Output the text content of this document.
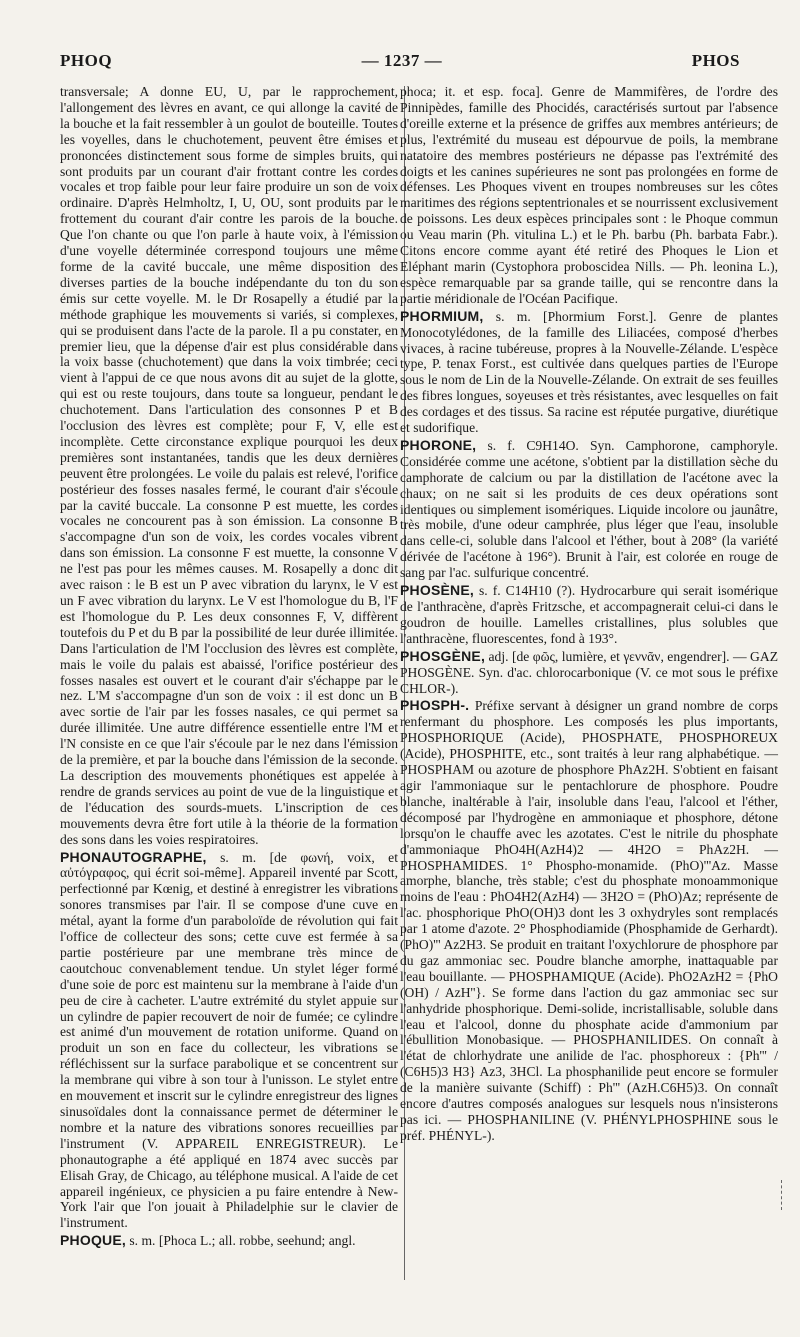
PHOQ	— 1237 —	PHOS

transversale; A donne EU, U, par le rapprochement, l'allongement des lèvres en avant, ce qui allonge la cavité de la bouche et la fait ressembler à un goulot de bouteille. Toutes les voyelles, dans le chuchotement, peuvent être émises et prononcées distinctement sous forme de simples bruits, qui sont produits par un courant d'air frottant contre les cordes vocales et trop faible pour leur faire produire un son de voix ordinaire. D'après Helmholtz, I, U, OU, sont produits par le frottement du courant d'air contre les parois de la bouche. Que l'on chante ou que l'on parle à haute voix, à l'émission d'une voyelle déterminée correspond toujours une même forme de la cavité buccale, une même disposition des diverses parties de la bouche indépendante du ton du son émis sur cette voyelle. M. le Dr Rosapelly a étudié par la méthode graphique les mouvements si variés, si complexes, qui se produisent dans l'acte de la parole. Il a pu constater, en premier lieu, que la dépense d'air est plus considérable dans la voix basse (chuchotement) que dans la voix timbrée; ceci vient à l'appui de ce que nous avons dit au sujet de la glotte, qui est ou reste toujours, dans toute sa longueur, pendant le chuchotement. Dans l'articulation des consonnes P et B l'occlusion des lèvres est complète; pour F, V, elle est incomplète. Cette circonstance explique pourquoi les deux premières sont instantanées, tandis que les deux dernières peuvent être prolongées. Le voile du palais est relevé, l'orifice postérieur des fosses nasales fermé, le courant d'air s'écoule par la cavité buccale. La consonne P est muette, les cordes vocales ne concourent pas à son émission. La consonne B s'accompagne d'un son de voix, les cordes vocales vibrent dans son émission. La consonne F est muette, la consonne V ne l'est pas pour les mêmes causes. M. Rosapelly a donc dit avec raison : le B est un P avec vibration du larynx, le V est un F avec vibration du larynx. Le V est l'homologue du B, l'F est l'homologue du P. Les deux consonnes F, V, diffèrent toutefois du P et du B par la possibilité de leur durée illimitée. Dans l'articulation de l'M l'occlusion des lèvres est complète, mais le voile du palais est abaissé, l'orifice postérieur des fosses nasales est ouvert et le courant d'air s'échappe par le nez. L'M s'accompagne d'un son de voix : il est donc un B avec sortie de l'air par les fosses nasales, ce qui permet sa durée illimitée. Une autre différence essentielle entre l'M et l'N consiste en ce que l'air s'écoule par le nez dans l'émission de la première, et par la bouche dans l'émission de la seconde. La description des mouvements phonétiques est appelée à rendre de grands services au point de vue de la linguistique et de l'éducation des sourds-muets. L'inscription de ces mouvements devra être fort utile à la théorie de la formation des sons dans les voies respiratoires.

PHONAUTOGRAPHE, s. m. [de φωνή, voix, et αὐτόγραφος, qui écrit soi-même]. Appareil inventé par Scott, perfectionné par Kœnig, et destiné à enregistrer les vibrations sonores transmises par l'air. Il se compose d'une cuve en métal, ayant la forme d'un paraboloïde de révolution qui fait l'office de collecteur des sons; cette cuve est fermée à sa partie postérieure par une membrane très mince de caoutchouc convenablement tendue. Un stylet léger formé d'une soie de porc est maintenu sur la membrane à l'aide d'un peu de cire à cacheter. L'autre extrémité du stylet appuie sur un cylindre de papier recouvert de noir de fumée; ce cylindre est animé d'un mouvement de rotation uniforme. Quand on produit un son en face du collecteur, les vibrations se réfléchissent sur la surface parabolique et se concentrent sur la membrane qui vibre à son tour à l'unisson. Le stylet entre en mouvement et inscrit sur le cylindre enregistreur des lignes sinusoïdales dont la connaissance permet de déterminer le nombre et la nature des vibrations sonores recueillies par l'instrument (V. APPAREIL ENREGISTREUR). Le phonautographe a été appliqué en 1874 avec succès par Elisah Gray, de Chicago, au téléphone musical. A l'aide de cet appareil ingénieux, ce physicien a pu faire entendre à New-York l'air que l'on jouait à Philadelphie sur le clavier de l'instrument.

PHOQUE, s. m. [Phoca L.; all. robbe, seehund; angl.

phoca; it. et esp. foca]. Genre de Mammifères, de l'ordre des Pinnipèdes, famille des Phocidés, caractérisés surtout par l'absence d'oreille externe et la présence de griffes aux membres antérieurs; de plus, l'extrémité du museau est dépourvue de poils, la membrane natatoire des membres postérieurs ne dépasse pas l'extrémité des doigts et les canines supérieures ne sont pas prolongées en forme de défenses. Les Phoques vivent en troupes nombreuses sur les côtes maritimes des régions septentrionales et se nourrissent exclusivement de poissons. Les deux espèces principales sont : le Phoque commun ou Veau marin (Ph. vitulina L.) et le Ph. barbu (Ph. barbata Fabr.). Citons encore comme ayant été retiré des Phoques le Lion et Eléphant marin (Cystophora proboscidea Nills. — Ph. leonina L.), espèce remarquable par sa grande taille, qui se rencontre dans la partie méridionale de l'Océan Pacifique.

PHORMIUM, s. m. [Phormium Forst.]. Genre de plantes Monocotylédones, de la famille des Liliacées, composé d'herbes vivaces, à racine tubéreuse, propres à la Nouvelle-Zélande. L'espèce type, P. tenax Forst., est cultivée dans quelques parties de l'Europe sous le nom de Lin de la Nouvelle-Zélande. On extrait de ses feuilles des fibres longues, soyeuses et très résistantes, avec lesquelles on fait des cordages et des tissus. Sa racine est réputée purgative, diurétique et sudorifique.

PHORONE, s. f. C9H14O. Syn. Camphorone, camphoryle. Considérée comme une acétone, s'obtient par la distillation sèche du camphorate de calcium ou par la distillation de l'acétone avec la chaux; on ne sait si les produits de ces deux opérations sont identiques ou simplement isomériques. Liquide incolore ou jaunâtre, très mobile, d'une odeur camphrée, plus léger que l'eau, insoluble dans celle-ci, soluble dans l'alcool et l'éther, bout à 208° (la variété dérivée de l'acétone à 196°). Brunit à l'air, est colorée en rouge de sang par l'ac. sulfurique concentré.

PHOSÈNE, s. f. C14H10 (?). Hydrocarbure qui serait isomérique de l'anthracène, d'après Fritzsche, et accompagnerait celui-ci dans le goudron de houille. Lamelles cristallines, plus solubles que l'anthracène, fluorescentes, fond à 193°.

PHOSGÈNE, adj. [de φῶς, lumière, et γεννᾶν, engendrer]. — GAZ PHOSGÈNE. Syn. d'ac. chlorocarbonique (V. ce mot sous le préfixe CHLOR-).

PHOSPH-. Préfixe servant à désigner un grand nombre de corps renfermant du phosphore. Les composés les plus importants, PHOSPHORIQUE (Acide), PHOSPHATE, PHOSPHOREUX (Acide), PHOSPHITE, etc., sont traités à leur rang alphabétique. — PHOSPHAM ou azoture de phosphore PhAz2H. S'obtient en faisant agir l'ammoniaque sur le pentachlorure de phosphore. Poudre blanche, inaltérable à l'air, insoluble dans l'eau, l'alcool et l'éther, décomposé par l'hydrogène en ammoniaque et phosphore, détone lorsqu'on le chauffe avec les azotates. C'est le nitrile du phosphate d'ammoniaque PhO4H(AzH4)2 — 4H2O = PhAz2H. — PHOSPHAMIDES. 1° Phospho-monamide. (PhO)'''Az. Masse amorphe, blanche, très stable; c'est du phosphate monoammonique moins de l'eau : PhO4H2(AzH4) — 3H2O = (PhO)Az; représente de l'ac. phosphorique PhO(OH)3 dont les 3 oxhydryles sont remplacés par 1 atome d'azote. 2° Phosphodiamide (Phosphamide de Gerhardt). (PhO)''' Az2H3. Se produit en traitant l'oxychlorure de phosphore par du gaz ammoniac sec. Poudre blanche amorphe, inattaquable par l'eau bouillante. — PHOSPHAMIQUE (Acide). PhO2AzH2 = {PhO (OH) / AzH''}. Se forme dans l'action du gaz ammoniac sec sur l'anhydride phosphorique. Demi-solide, incristallisable, soluble dans l'eau et l'alcool, donne du phosphate acide d'ammonium par l'ébullition Monobasique. — PHOSPHANILIDES. On connaît à l'état de chlorhydrate une anilide de l'ac. phosphoreux : {Ph''' / (C6H5)3 H3} Az3, 3HCl. La phosphanilide peut encore se formuler de la manière suivante (Schiff) : Ph''' (AzH.C6H5)3. On connaît encore d'autres composés analogues sur lesquels nous n'insisterons pas ici. — PHOSPHANILINE (V. PHÉNYLPHOSPHINE sous le préf. PHÉNYL-).
